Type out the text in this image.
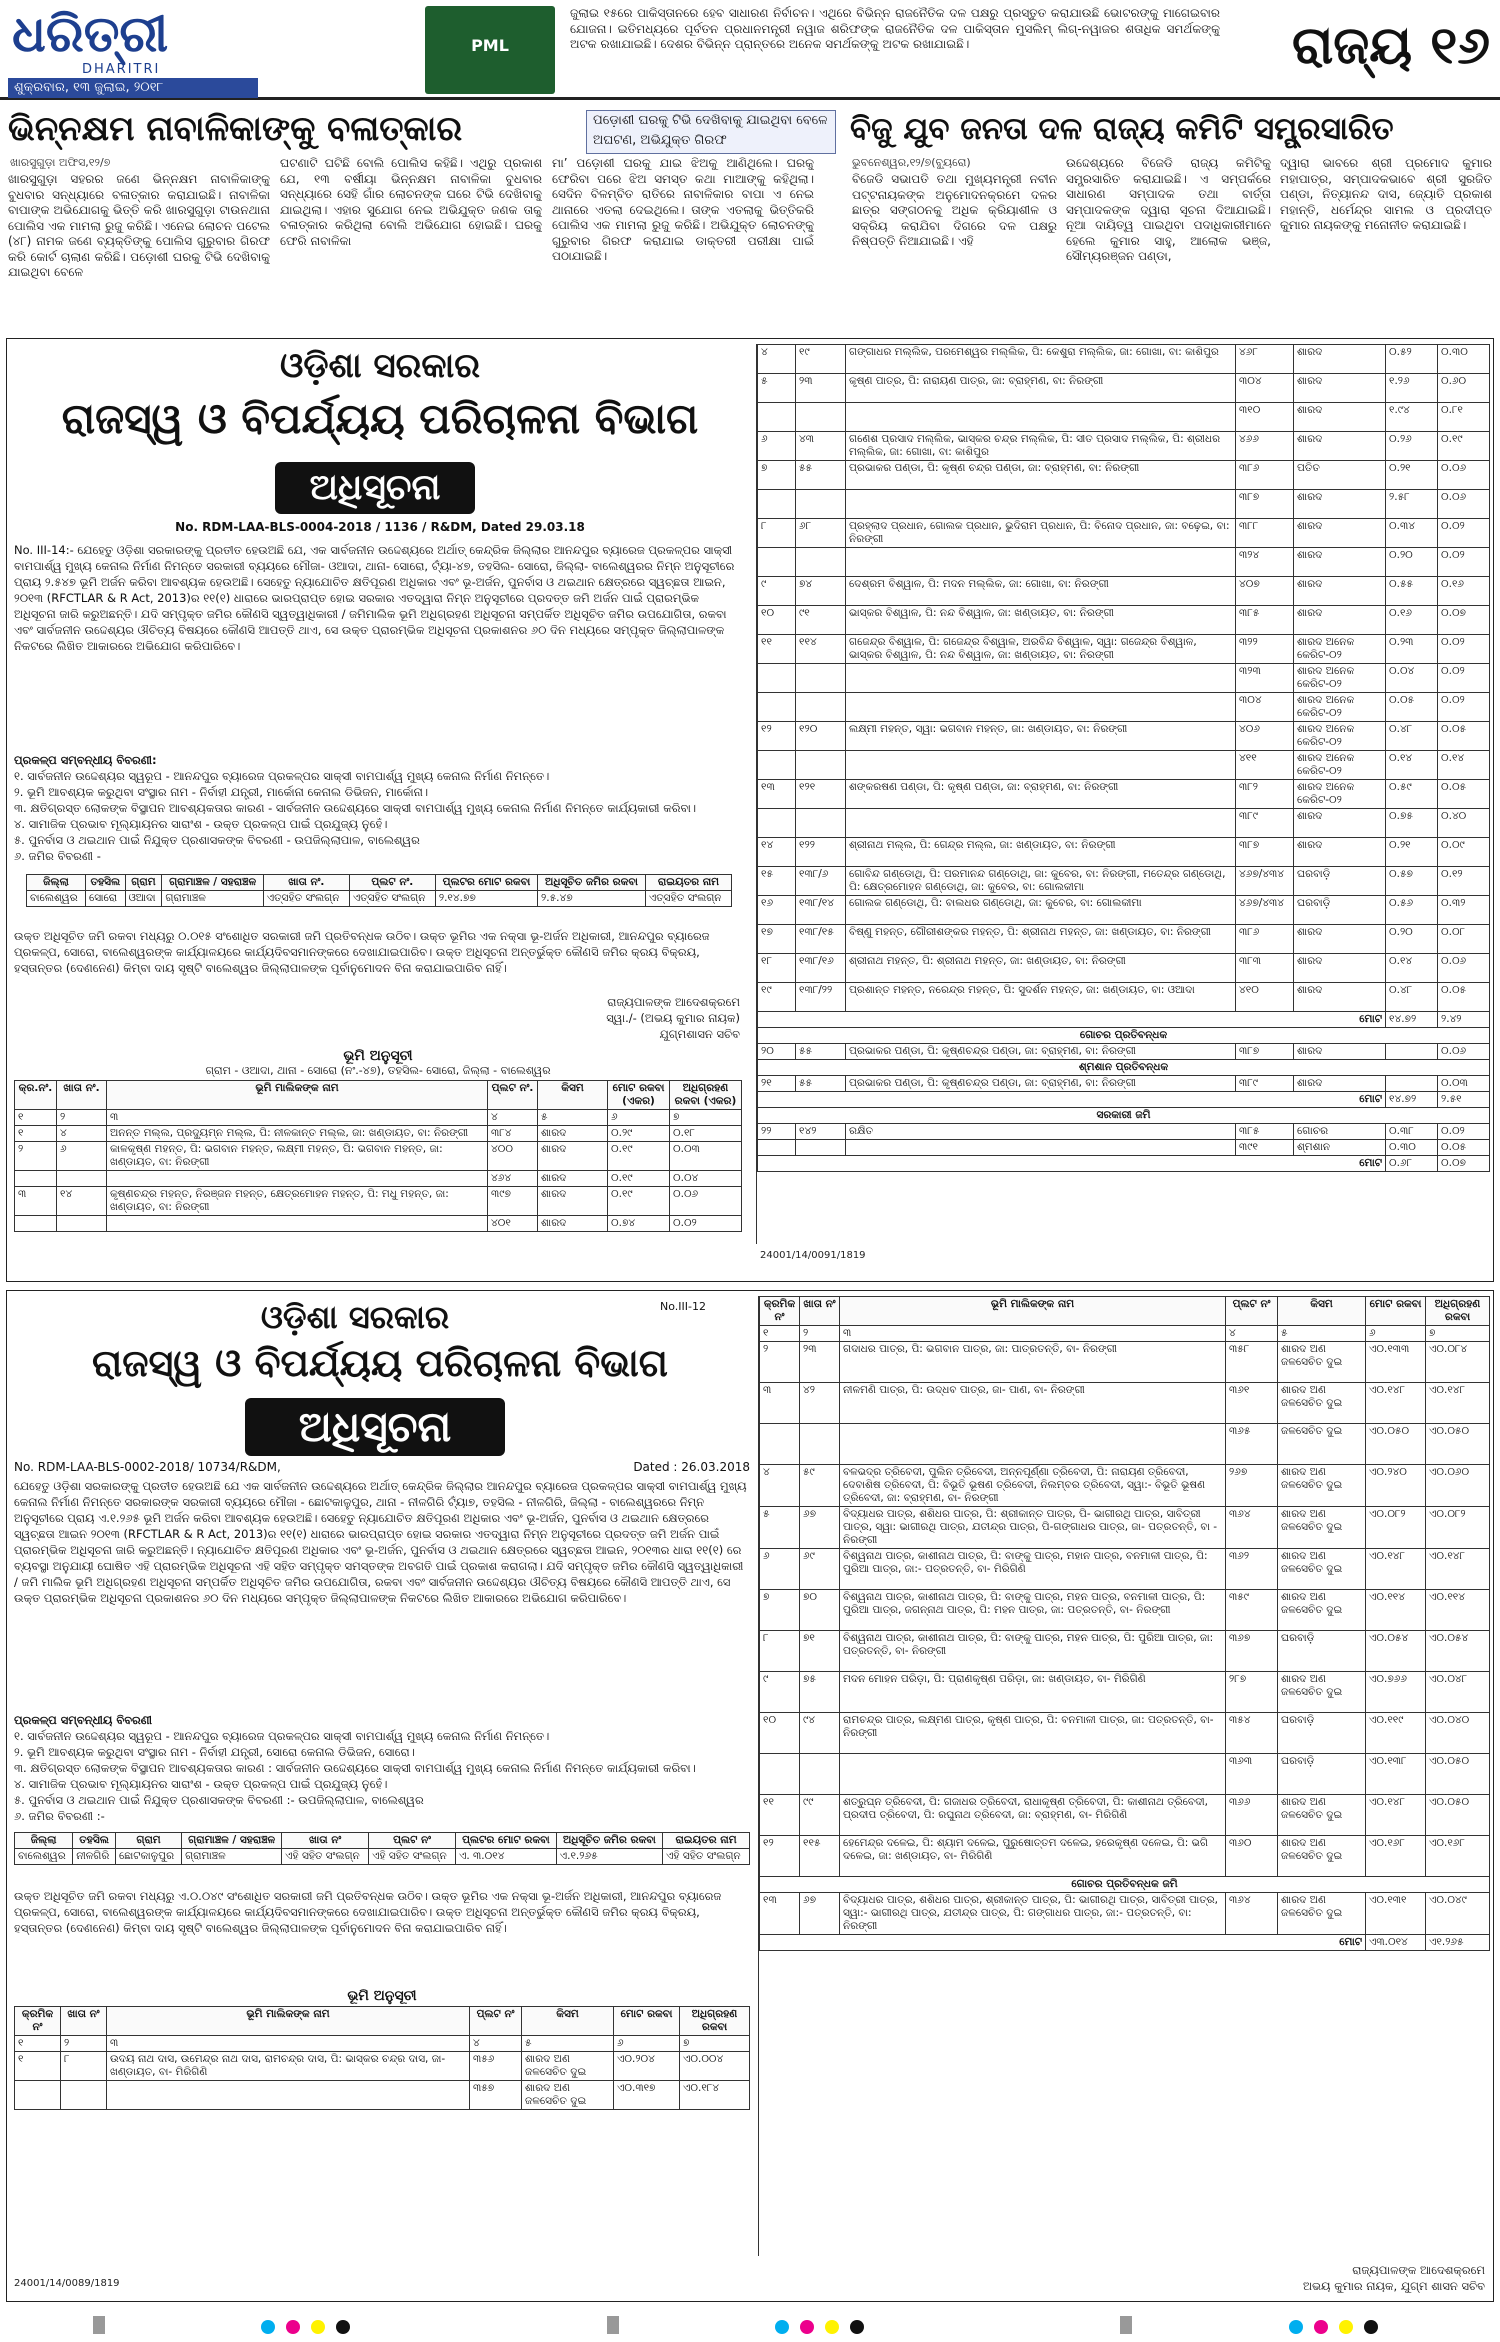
ଧରିତ୍ରୀ
DHARITRI
ଶୁକ୍ରବାର, ୧୩ ଜୁଲାଇ, ୨୦୧୮
PML
ଜୁଲାଇ ୧୫ରେ ପାକିସ୍ତାନରେ ହେବ ସାଧାରଣ ନିର୍ବାଚନ। ଏଥିରେ ବିଭିନ୍ନ ରାଜନୈତିକ ଦଳ ପକ୍ଷରୁ ପ୍ରସ୍ତୁତ କରାଯାଉଛି ଭୋଟରଙ୍କୁ ମାଗେଇବାର ଯୋଜନା। ଇତିମଧ୍ୟରେ ପୂର୍ବତନ ପ୍ରଧାନମନ୍ତ୍ରୀ ନୱାଜ ଶରିଫଙ୍କ ରାଜନୈତିକ ଦଳ ପାକିସ୍ତାନ ମୁସଲିମ୍ ଲିଗ୍-ନୱାଜର ଶତାଧିକ ସମର୍ଥକଙ୍କୁ ଅଟକ ରଖାଯାଇଛି। ଦେଶର ବିଭିନ୍ନ ପ୍ରାନ୍ତରେ ଅନେକ ସମର୍ଥକଙ୍କୁ ଅଟକ ରଖାଯାଇଛି।	ରାଜ୍ୟ ୧୬
ଭିନ୍ନକ୍ଷମ ନାବାଳିକାଙ୍କୁ ବଳାତ୍କାର	ପଡ଼ୋଶୀ ଘରକୁ ଟିଭି ଦେଖିବାକୁ ଯାଇଥିବା ବେଳେ ଅଘଟଣ, ଅଭିଯୁକ୍ତ ଗିରଫ	ବିଜୁ ଯୁବ ଜନତା ଦଳ ରାଜ୍ୟ କମିଟି ସମ୍ପ୍ରସାରିତ
ଖାରସୁଗୁଡ଼ା ଅଫିସ,୧୨/୭
ଖାରସୁଗୁଡ଼ା ସହରର ଜଣେ ଭିନ୍ନକ୍ଷମ ନାବାଳିକାଙ୍କୁ ବୁଧବାର ସନ୍ଧ୍ୟାରେ ବଳାତ୍କାର କରାଯାଇଛି। ନାବାଳିକା ବାପାଙ୍କ ଅଭିଯୋଗକୁ ଭିତ୍ତି କରି ଖାରସୁଗୁଡ଼ା ଟାଉନଥାନା ପୋଲିସ ଏକ ମାମଲା ରୁଜୁ କରିଛି। ଏନେଇ ଲୋଚନ ପଟେଲ (୪୮) ନାମକ ଜଣେ ବ୍ୟକ୍ତିଙ୍କୁ ପୋଲିସ ଗୁରୁବାର ଗିରଫ କରି କୋର୍ଟ ଚାଲାଣ କରିଛି। ପଡ଼ୋଶୀ ଘରକୁ ଟିଭି ଦେଖିବାକୁ ଯାଇଥିବା ବେଳେ
ଘଟଣାଟି ଘଟିଛି ବୋଲି ପୋଲିସ କହିଛି। ଏଥିରୁ ପ୍ରକାଶ ଯେ, ୧୩ ବର୍ଷୀୟା ଭିନ୍ନକ୍ଷମ ନାବାଳିକା ବୁଧବାର ସନ୍ଧ୍ୟାରେ ସେହି ଗାଁର ଲୋଚନଙ୍କ ଘରେ ଟିଭି ଦେଖିବାକୁ ଯାଇଥିଲା। ଏହାର ସୁଯୋଗ ନେଇ ଅଭିଯୁକ୍ତ ଜଣକ ତାକୁ ବଳାତ୍କାର କରିଥିଲା ବୋଲି ଅଭିଯୋଗ ହୋଇଛି। ଘରକୁ ଫେରି ନାବାଳିକା
ମା’ ପଡ଼ୋଶୀ ଘରକୁ ଯାଇ ଝିଅକୁ ଆଣିଥିଲେ। ଘରକୁ ଫେରିବା ପରେ ଝିଅ ସମସ୍ତ କଥା ମାଆଙ୍କୁ କହିଥିଲା। ସେଦିନ ବିଳମ୍ବିତ ରାତିରେ ନାବାଳିକାର ବାପା ଏ ନେଇ ଥାନାରେ ଏତଲା ଦେଇଥିଲେ। ତାଙ୍କ ଏତଲାକୁ ଭିତ୍ତିକରି ପୋଲିସ ଏକ ମାମଲା ରୁଜୁ କରିଛି। ଅଭିଯୁକ୍ତ ଲୋଚନଙ୍କୁ ଗୁରୁବାର ଗିରଫ କରାଯାଇ ଡାକ୍ତରୀ ପରୀକ୍ଷା ପାଇଁ ପଠାଯାଇଛି।
ଭୁବନେଶ୍ୱର,୧୨/୭(ବ୍ୟୁରୋ)
ବିଜେଡି ସଭାପତି ତଥା ମୁଖ୍ୟମନ୍ତ୍ରୀ ନବୀନ ପଟ୍ଟନାୟକଙ୍କ ଅନୁମୋଦନକ୍ରମେ ଦଳର ଛାତ୍ର ସଙ୍ଗଠନକୁ ଅଧିକ କ୍ରିୟାଶୀଳ ଓ ସକ୍ରିୟ କରାଯିବା ଦିଗରେ ଦଳ ପକ୍ଷରୁ ନିଷ୍ପତ୍ତି ନିଆଯାଇଛି। ଏହି
ଉଦ୍ଦେଶ୍ୟରେ ବିଜେଡି ରାଜ୍ୟ କମିଟିକୁ ସମ୍ପ୍ରସାରିତ କରାଯାଇଛି। ଏ ସମ୍ପର୍କରେ ସାଧାରଣ ସମ୍ପାଦକ ତଥା ବାର୍ତ୍ତା ସମ୍ପାଦକଙ୍କ ଦ୍ୱାରା ସୂଚନା ଦିଆଯାଇଛି। ନୂଆ ଦାୟିତ୍ୱ ପାଇଥିବା ପଦାଧିକାରୀମାନେ ହେଲେ କୁମାର ସାହୁ, ଆଲୋକ ଭଞ୍ଜ, ସୌମ୍ୟରଞ୍ଜନ ପଣ୍ଡା,
ଦ୍ୱାରା ଭାବରେ ଶ୍ରୀ ପ୍ରମୋଦ କୁମାର ମହାପାତ୍ର, ସମ୍ପାଦକଭାବେ ଶ୍ରୀ ସୁରଜିତ ପଣ୍ଡା, ନିତ୍ୟାନନ୍ଦ ଦାସ, ଜ୍ୟୋତି ପ୍ରକାଶ ମହାନ୍ତି, ଧର୍ମେନ୍ଦ୍ର ସାମଲ ଓ ପ୍ରଦୀପ୍ତ କୁମାର ନାୟକଙ୍କୁ ମନୋନୀତ କରାଯାଇଛି।
ଓଡ଼ିଶା ସରକାର
ରାଜସ୍ୱ ଓ ବିପର୍ଯ୍ୟୟ ପରିଚାଳନା ବିଭାଗ
ଅଧିସୂଚନା
No. RDM-LAA-BLS-0004-2018 / 1136 / R&DM, Dated 29.03.18
No. III-14:- ଯେହେତୁ ଓଡ଼ିଶା ସରକାରଙ୍କୁ ପ୍ରତୀତ ହେଉଅଛି ଯେ, ଏକ ସାର୍ବଜନୀନ ଉଦ୍ଦେଶ୍ୟରେ ଅର୍ଥାତ୍ କେନ୍ଦ୍ରିକ ଜିଲ୍ଲାର ଆନନ୍ଦପୁର ବ୍ୟାରେଜ ପ୍ରକଳ୍ପର ସାକ୍ସୀ ବାମପାର୍ଶ୍ୱ ମୁଖ୍ୟ କେନାଲ ନିର୍ମାଣ ନିମନ୍ତେ ସରକାରୀ ବ୍ୟୟରେ ମୌଜା- ଓଆଦା, ଥାନା- ସୋରୋ, ଟ୍ୟାଁ-୪୭, ତହସିଲ- ସୋରୋ, ଜିଲ୍ଲା- ବାଲେଶ୍ୱରର ନିମ୍ନ ଅନୁସୂଚୀରେ ପ୍ରାୟ ୨.୫୪୭ ଭୂମି ଅର୍ଜନ କରିବା ଆବଶ୍ୟକ ହେଉଅଛି। ସେହେତୁ ନ୍ୟାଯୋଚିତ କ୍ଷତିପୂରଣ ଅଧିକାର ଏବଂ ଭୂ-ଅର୍ଜନ, ପୁନର୍ବାସ ଓ ଥଇଥାନ କ୍ଷେତ୍ରରେ ସ୍ୱଚ୍ଛତା ଆଇନ, ୨୦୧୩ (RFCTLAR & R Act, 2013)ର ୧୧(୧) ଧାରାରେ ଭାରପ୍ରାପ୍ତ ହୋଇ ସରକାର ଏତଦ୍ୱାରା ନିମ୍ନ ଅନୁସୂଚୀରେ ପ୍ରଦତ୍ତ ଜମି ଅର୍ଜନ ପାଇଁ ପ୍ରାରମ୍ଭିକ ଅଧିସୂଚନା ଜାରି କରୁଅଛନ୍ତି। ଯଦି ସମ୍ପୃକ୍ତ ଜମିର କୌଣସି ସ୍ୱତ୍ୱାଧିକାରୀ / ଜମିମାଲିକ ଭୂମି ଅଧିଗ୍ରହଣ ଅଧିସୂଚନା ସମ୍ପର୍କିତ ଅଧିସୂଚିତ ଜମିର ଉପଯୋଗିତା, ରକବା ଏବଂ ସାର୍ବଜନୀନ ଉଦ୍ଦେଶ୍ୟର ଔଚିତ୍ୟ ବିଷୟରେ କୌଣସି ଆପତ୍ତି ଥାଏ, ସେ ଉକ୍ତ ପ୍ରାରମ୍ଭିକ ଅଧିସୂଚନା ପ୍ରକାଶନର ୬୦ ଦିନ ମଧ୍ୟରେ ସମ୍ପୃକ୍ତ ଜିଲ୍ଲାପାଳଙ୍କ ନିକଟରେ ଲିଖିତ ଆକାରରେ ଅଭିଯୋଗ କରିପାରିବେ।
ପ୍ରକଳ୍ପ ସମ୍ବନ୍ଧୀୟ ବିବରଣୀ:
୧. ସାର୍ବଜନୀନ ଉଦ୍ଦେଶ୍ୟର ସ୍ୱରୂପ - ଆନନ୍ଦପୁର ବ୍ୟାରେଜ ପ୍ରକଳ୍ପର ସାକ୍ସୀ ବାମପାର୍ଶ୍ୱ ମୁଖ୍ୟ କେନାଲ ନିର୍ମାଣ ନିମନ୍ତେ।
୨. ଭୂମି ଆବଶ୍ୟକ କରୁଥିବା ସଂସ୍ଥାର ନାମ - ନିର୍ବାହୀ ଯନ୍ତ୍ରୀ, ମାର୍କୋନା କେନାଲ ଡିଭିଜନ, ମାର୍କୋନା।
୩. କ୍ଷତିଗ୍ରସ୍ତ ଲୋକଙ୍କ ବିସ୍ଥାପନ ଆବଶ୍ୟକତାର କାରଣ - ସାର୍ବଜନୀନ ଉଦ୍ଦେଶ୍ୟରେ ସାକ୍ସୀ ବାମପାର୍ଶ୍ୱ ମୁଖ୍ୟ କେନାଲ ନିର୍ମାଣ ନିମନ୍ତେ କାର୍ଯ୍ୟକାରୀ କରିବା।
୪. ସାମାଜିକ ପ୍ରଭାବ ମୂଲ୍ୟାୟନର ସାରାଂଶ - ଉକ୍ତ ପ୍ରକଳ୍ପ ପାଇଁ ପ୍ରଯୁଜ୍ୟ ନୁହେଁ।
୫. ପୁନର୍ବାସ ଓ ଥଇଥାନ ପାଇଁ ନିଯୁକ୍ତ ପ୍ରଶାସକଙ୍କ ବିବରଣୀ - ଉପଜିଲ୍ଲାପାଳ, ବାଲେଶ୍ୱର
୬. ଜମିର ବିବରଣୀ -
ଜିଲ୍ଲା	ତହସିଲ	ଗ୍ରାମ	ଗ୍ରାମାଞ୍ଚଳ / ସହରାଞ୍ଚଳ	ଖାତା ନଂ.	ପ୍ଲଟ ନଂ.	ପ୍ଲଟର ମୋଟ ରକବା	ଅଧିସୂଚିତ ଜମିର ରକବା	ରାଇୟତର ନାମ
ବାଲେଶ୍ୱର	ସୋରୋ	ଓଆଦା	ଗ୍ରାମାଞ୍ଚଳ	ଏତ୍ସହିତ ସଂଲଗ୍ନ	ଏତ୍ସହିତ ସଂଲଗ୍ନ	୨.୧୪.୭୭	୨.୫.୪୭	ଏତ୍ସହିତ ସଂଲଗ୍ନ
ଉକ୍ତ ଅଧିସୂଚିତ ଜମି ରକବା ମଧ୍ୟରୁ ୦.୦୧୫ ସଂଶୋଧିତ ସରକାରୀ ଜମି ପ୍ରତିବନ୍ଧକ ଉଠିବ। ଉକ୍ତ ଭୂମିର ଏକ ନକ୍ସା ଭୂ-ଅର୍ଜନ ଅଧିକାରୀ, ଆନନ୍ଦପୁର ବ୍ୟାରେଜ ପ୍ରକଳ୍ପ, ସୋରୋ, ବାଲେଶ୍ୱରଙ୍କ କାର୍ଯ୍ୟାଳୟରେ କାର୍ଯ୍ୟଦିବସମାନଙ୍କରେ ଦେଖାଯାଇପାରିବ। ଉକ୍ତ ଅଧିସୂଚନା ଅନ୍ତର୍ଭୁକ୍ତ କୌଣସି ଜମିର କ୍ରୟ ବିକ୍ରୟ, ହସ୍ତାନ୍ତର (ଦେଣନେଣ) କିମ୍ବା ଦାୟ ସୃଷ୍ଟି ବାଲେଶ୍ୱର ଜିଲ୍ଲାପାଳଙ୍କ ପୂର୍ବାନୁମୋଦନ ବିନା କରାଯାଇପାରିବ ନାହିଁ।
ରାଜ୍ୟପାଳଙ୍କ ଆଦେଶକ୍ରମେ
ସ୍ୱା./- (ଅଭୟ କୁମାର ନାୟକ)
ଯୁଗ୍ମଶାସନ ସଚିବ
ଭୂମି ଅନୁସୂଚୀ
ଗ୍ରାମ - ଓଆଦା, ଥାନା - ସୋରୋ (ନଂ.-୪୭), ତହସିଲ- ସୋରୋ, ଜିଲ୍ଲା - ବାଲେଶ୍ୱର
କ୍ର.ନଂ.	ଖାତା ନଂ.	ଭୂମି ମାଲିକଙ୍କ ନାମ	ପ୍ଲଟ ନଂ.	କିସମ	ମୋଟ ରକବା (ଏକର)	ଅଧିଗ୍ରହଣ ରକବା (ଏକର)
୧	୨	୩	୪	୫	୬	୭
୧	୪	ଅନନ୍ତ ମଲ୍ଲ, ପ୍ରଦ୍ୟୁମ୍ନ ମଲ୍ଲ, ପି: ନୀଳକାନ୍ତ ମଲ୍ଲ, ଜା: ଖଣ୍ଡାୟତ, ବା: ନିରଙ୍ଗୀ	୩୮୪	ଶାରଦ	୦.୨୯	୦.୧୮
୨	୬	କାଳକୃଷ୍ଣ ମହନ୍ତ, ପି: ଭଗବାନ ମହନ୍ତ, ଲକ୍ଷ୍ମୀ ମହନ୍ତ, ପି: ଭଗବାନ ମହନ୍ତ, ଜା: ଖଣ୍ଡାୟତ, ବା: ନିରଙ୍ଗୀ	୪୦୦	ଶାରଦ	୦.୧୯	୦.୦୩
			୪୬୪	ଶାରଦ	୦.୧୯	୦.୦୪
୩	୧୪	କୃଷ୍ଣଚନ୍ଦ୍ର ମହନ୍ତ, ନିରଞ୍ଜନ ମହନ୍ତ, କ୍ଷେତ୍ରମୋହନ ମହନ୍ତ, ପି: ମଧୁ ମହନ୍ତ, ଜା: ଖଣ୍ଡାୟତ, ବା: ନିରଙ୍ଗୀ	୩୯୭	ଶାରଦ	୦.୧୯	୦.୦୬
			୪୦୧	ଶାରଦ	୦.୭୪	୦.୦୨
୪	୧୯	ଗଙ୍ଗାଧର ମଲ୍ଲିକ, ପରମେଶ୍ୱର ମଲ୍ଲିକ, ପି: କେଶୁରା ମଲ୍ଲିକ, ଜା: ଗୋଖା, ବା: କାଶିପୁର	୪୬୮	ଶାରଦ	୦.୫୨	୦.୩୦
୫	୨୩	କୃଷ୍ଣ ପାତ୍ର, ପି: ନାରାୟଣ ପାତ୍ର, ଜା: ବ୍ରାହ୍ମଣ, ବା: ନିରଙ୍ଗୀ	୩୦୪	ଶାରଦ	୧.୨୬	୦.୬୦
			୩୧୦	ଶାରଦ	୧.୯୪	୦.୮୧
୬	୪୩	ଗଣେଶ ପ୍ରସାଦ ମଲ୍ଲିକ, ଭାସ୍କର ଚନ୍ଦ୍ର ମଲ୍ଲିକ, ପି: ସୀତ ପ୍ରସାଦ ମଲ୍ଲିକ, ପି: ଶ୍ରୀଧର ମଲ୍ଲିକ, ଜା: ଗୋଖା, ବା: କାଶିପୁର	୪୬୬	ଶାରଦ	୦.୨୬	୦.୧୯
୭	୫୫	ପ୍ରଭାକର ପଣ୍ଡା, ପି: କୃଷ୍ଣ ଚନ୍ଦ୍ର ପଣ୍ଡା, ଜା: ବ୍ରାହ୍ମଣ, ବା: ନିରଙ୍ଗୀ	୩୮୬	ପତିତ	୦.୨୧	୦.୦୬
			୩୮୭	ଶାରଦ	୨.୫୮	୦.୦୬
୮	୬୮	ପ୍ରହ୍ଲାଦ ପ୍ରଧାନ, ଗୋଲକ ପ୍ରଧାନ, ଭୁଦିରାମ ପ୍ରଧାନ, ପି: ବିନୋଦ ପ୍ରଧାନ, ଜା: ବଢ଼େଇ, ବା: ନିରଙ୍ଗୀ	୩୮୮	ଶାରଦ	୦.୩୪	୦.୦୨
			୩୨୪	ଶାରଦ	୦.୨୦	୦.୦୨
୯	୭୪	ଦେଶ୍ରମ ବିଶ୍ୱାଳ, ପି: ମଦନ ମଲ୍ଲିକ, ଜା: ଗୋଖା, ବା: ନିରଙ୍ଗୀ	୪୦୭	ଶାରଦ	୦.୫୫	୦.୧୬
୧୦	୯୧	ଭାସ୍କର ବିଶ୍ୱାଳ, ପି: ନନ୍ଦ ବିଶ୍ୱାଳ, ଜା: ଖଣ୍ଡାୟତ, ବା: ନିରଙ୍ଗୀ	୩୮୫	ଶାରଦ	୦.୧୬	୦.୦୭
୧୧	୧୧୪	ଗଜେନ୍ଦ୍ର ବିଶ୍ୱାଳ, ପି: ଗଜେନ୍ଦ୍ର ବିଶ୍ୱାଳ, ଅରବିନ୍ଦ ବିଶ୍ୱାଳ, ସ୍ୱା: ଗଜେନ୍ଦ୍ର ବିଶ୍ୱାଳ, ଭାସ୍କର ବିଶ୍ୱାଳ, ପି: ନନ୍ଦ ବିଶ୍ୱାଳ, ଜା: ଖଣ୍ଡାୟତ, ବା: ନିରଙ୍ଗୀ	୩୨୨	ଶାରଦ ଅନେକ କେରିଟ-୦୨	୦.୨୩	୦.୦୨
			୩୨୩	ଶାରଦ ଅନେକ କେରିଟ-୦୨	୦.୦୪	୦.୦୨
			୩୦୪	ଶାରଦ ଅନେକ କେରିଟ-୦୨	୦.୦୫	୦.୦୨
୧୨	୧୨୦	ଲକ୍ଷ୍ମୀ ମହନ୍ତ, ସ୍ୱା: ଭଗବାନ ମହନ୍ତ, ଜା: ଖଣ୍ଡାୟତ, ବା: ନିରଙ୍ଗୀ	୪୦୬	ଶାରଦ ଅନେକ କେରିଟ-୦୨	୦.୪୮	୦.୦୫
			୪୧୧	ଶାରଦ ଅନେକ କେରିଟ-୦୨	୦.୧୪	୦.୧୪
୧୩	୧୨୧	ଶଙ୍କରଷଣ ପଣ୍ଡା, ପି: କୃଷ୍ଣ ପଣ୍ଡା, ଜା: ବ୍ରାହ୍ମଣ, ବା: ନିରଙ୍ଗୀ	୩୮୨	ଶାରଦ ଅନେକ କେରିଟ-୦୨	୦.୫୯	୦.୦୫
			୩୮୯	ଶାରଦ	୦.୭୫	୦.୪୦
୧୪	୧୨୨	ଶ୍ରୀନାଥ ମଲ୍ଲ, ପି: ଗେନ୍ଦ୍ର ମଲ୍ଲ, ଜା: ଖଣ୍ଡାୟତ, ବା: ନିରଙ୍ଗୀ	୩୮୭	ଶାରଦ	୦.୨୧	୦.୦୯
୧୫	୧୩୮/୬	ଗୋବିନ୍ଦ ଗଣ୍ଡୋଥି, ପି: ପରମାନନ୍ଦ ଗଣ୍ଡୋଥି, ଜା: କୁବେର, ବା: ନିରଙ୍ଗୀ, ମତେନ୍ଦ୍ର ଗଣ୍ଡୋଥି, ପି: କ୍ଷେତ୍ରମୋହନ ଗଣ୍ଡୋଥି, ଜା: କୁବେର, ବା: ଗୋଲକୀମା	୪୬୭/୪୩୪	ଘରବାଡ଼ି	୦.୫୭	୦.୧୨
୧୬	୧୩୮/୧୪	ଗୋଲକ ଗଣ୍ଡୋଥି, ପି: ବାଲଧର ଗଣ୍ଡୋଥି, ଜା: କୁବେର, ବା: ଗୋଲକୀମା	୪୬୭/୪୩୪	ଘରବାଡ଼ି	୦.୫୬	୦.୩୨
୧୭	୧୩୮/୧୫	ବିଷ୍ଣୁ ମହନ୍ତ, ଗୌରୀଶଙ୍କର ମହନ୍ତ, ପି: ଶ୍ରୀନାଥ ମହନ୍ତ, ଜା: ଖଣ୍ଡାୟତ, ବା: ନିରଙ୍ଗୀ	୩୮୬	ଶାରଦ	୦.୨୦	୦.୦୮
୧୮	୧୩୮/୧୬	ଶ୍ରୀନାଥ ମହନ୍ତ, ପି: ଶ୍ରୀନାଥ ମହନ୍ତ, ଜା: ଖଣ୍ଡାୟତ, ବା: ନିରଙ୍ଗୀ	୩୮୩	ଶାରଦ	୦.୧୪	୦.୦୬
୧୯	୧୩୮/୨୨	ପ୍ରଶାନ୍ତ ମହନ୍ତ, ନରେନ୍ଦ୍ର ମହନ୍ତ, ପି: ସୁଦର୍ଶନ ମହନ୍ତ, ଜା: ଖଣ୍ଡାୟତ, ବା: ଓଆଦା	୪୧୦	ଶାରଦ	୦.୪୮	୦.୦୫
ମୋଟ					୧୪.୭୨	୨.୪୨
ଗୋଚର ପ୍ରତିବନ୍ଧକ						
୨୦	୫୫	ପ୍ରଭାକର ପଣ୍ଡା, ପି: କୃଷ୍ଣଚନ୍ଦ୍ର ପଣ୍ଡା, ଜା: ବ୍ରାହ୍ମଣ, ବା: ନିରଙ୍ଗୀ	୩୮୭	ଶାରଦ		୦.୦୬
ଶ୍ମଶାନ ପ୍ରତିବନ୍ଧକ						
୨୧	୫୫	ପ୍ରଭାକର ପଣ୍ଡା, ପି: କୃଷ୍ଣଚନ୍ଦ୍ର ପଣ୍ଡା, ଜା: ବ୍ରାହ୍ମଣ, ବା: ନିରଙ୍ଗୀ	୩୮୯	ଶାରଦ		୦.୦୩
ମୋଟ					୧୪.୭୨	୨.୫୧
ସରକାରୀ ଜମି						
୨୨	୧୪୨	ରକ୍ଷିତ	୩୮୫	ଗୋଚର	୦.୩୮	୦.୦୨
			୩୯୧	ଶ୍ମଶାନ	୦.୩୦	୦.୦୫
ମୋଟ					୦.୬୮	୦.୦୭
24001/14/0091/1819
ଓଡ଼ିଶା ସରକାର	No.III-12
ରାଜସ୍ୱ ଓ ବିପର୍ଯ୍ୟୟ ପରିଚାଳନା ବିଭାଗ
ଅଧିସୂଚନା
No. RDM-LAA-BLS-0002-2018/ 10734/R&DM,	Dated : 26.03.2018
ଯେହେତୁ ଓଡ଼ିଶା ସରକାରଙ୍କୁ ପ୍ରତୀତ ହେଉଅଛି ଯେ ଏକ ସାର୍ବଜନୀନ ଉଦ୍ଦେଶ୍ୟରେ ଅର୍ଥାତ୍ କେନ୍ଦ୍ରିକ ଜିଲ୍ଲାର ଆନନ୍ଦପୁର ବ୍ୟାରେଜ ପ୍ରକଳ୍ପର ସାକ୍ସୀ ବାମପାର୍ଶ୍ୱ ମୁଖ୍ୟ କେନାଲ ନିର୍ମାଣ ନିମନ୍ତେ ସରକାରଙ୍କ ସରକାରୀ ବ୍ୟୟରେ ମୌଜା - ଛୋଟକାଳୁପୁର, ଥାନା - ନୀଳଗିରି ଟ୍ୟାଁ୭, ତହସିଲ - ନୀଳଗିରି, ଜିଲ୍ଲା - ବାଲେଶ୍ୱରରେ ନିମ୍ନ ଅନୁସୂଚୀରେ ପ୍ରାୟ ଏ.୧.୨୬୫ ଭୂମି ଅର୍ଜନ କରିବା ଆବଶ୍ୟକ ହେଉଅଛି। ସେହେତୁ ନ୍ୟାଯୋଚିତ କ୍ଷତିପୂରଣ ଅଧିକାର ଏବଂ ଭୂ-ଅର୍ଜନ, ପୁନର୍ବାସ ଓ ଥଇଥାନ କ୍ଷେତ୍ରରେ ସ୍ୱଚ୍ଛତା ଆଇନ ୨୦୧୩ (RFCTLAR & R Act, 2013)ର ୧୧(୧) ଧାରାରେ ଭାରପ୍ରାପ୍ତ ହୋଇ ସରକାର ଏତଦ୍ୱାରା ନିମ୍ନ ଅନୁସୂଚୀରେ ପ୍ରଦତ୍ତ ଜମି ଅର୍ଜନ ପାଇଁ ପ୍ରାରମ୍ଭିକ ଅଧିସୂଚନା ଜାରି କରୁଅଛନ୍ତି। ନ୍ୟାଯୋଚିତ କ୍ଷତିପୂରଣ ଅଧିକାର ଏବଂ ଭୂ-ଅର୍ଜନ, ପୁନର୍ବାସ ଓ ଥଇଥାନ କ୍ଷେତ୍ରରେ ସ୍ୱଚ୍ଛତା ଆଇନ, ୨୦୧୩ର ଧାରା ୧୧(୧) ରେ ବ୍ୟବସ୍ଥା ଅନୁଯାୟୀ ଘୋଷିତ ଏହି ପ୍ରାରମ୍ଭିକ ଅଧିସୂଚନା ଏହି ସହିତ ସମ୍ପୃକ୍ତ ସମସ୍ତଙ୍କ ଅବଗତି ପାଇଁ ପ୍ରକାଶ କରାଗଲା। ଯଦି ସମ୍ପୃକ୍ତ ଜମିର କୌଣସି ସ୍ୱତ୍ୱାଧିକାରୀ / ଜମି ମାଲିକ ଭୂମି ଅଧିଗ୍ରହଣ ଅଧିସୂଚନା ସମ୍ପର୍କିତ ଅଧିସୂଚିତ ଜମିର ଉପଯୋଗିତା, ରକବା ଏବଂ ସାର୍ବଜନୀନ ଉଦ୍ଦେଶ୍ୟର ଔଚିତ୍ୟ ବିଷୟରେ କୌଣସି ଆପତ୍ତି ଥାଏ, ସେ ଉକ୍ତ ପ୍ରାରମ୍ଭିକ ଅଧିସୂଚନା ପ୍ରକାଶନର ୬୦ ଦିନ ମଧ୍ୟରେ ସମ୍ପୃକ୍ତ ଜିଲ୍ଲାପାଳଙ୍କ ନିକଟରେ ଲିଖିତ ଆକାରରେ ଅଭିଯୋଗ କରିପାରିବେ।
ପ୍ରକଳ୍ପ ସମ୍ବନ୍ଧୀୟ ବିବରଣୀ
୧. ସାର୍ବଜନୀନ ଉଦ୍ଦେଶ୍ୟର ସ୍ୱରୂପ - ଆନନ୍ଦପୁର ବ୍ୟାରେଜ ପ୍ରକଳ୍ପର ସାକ୍ସୀ ବାମପାର୍ଶ୍ୱ ମୁଖ୍ୟ କେନାଲ ନିର୍ମାଣ ନିମନ୍ତେ।
୨. ଭୂମି ଆବଶ୍ୟକ କରୁଥିବା ସଂସ୍ଥାର ନାମ - ନିର୍ବାହୀ ଯନ୍ତ୍ରୀ, ସୋରୋ କେନାଲ ଡିଭିଜନ, ସୋରୋ।
୩. କ୍ଷତିଗ୍ରସ୍ତ ଲୋକଙ୍କ ବିସ୍ଥାପନ ଆବଶ୍ୟକତାର କାରଣ : ସାର୍ବଜନୀନ ଉଦ୍ଦେଶ୍ୟରେ ସାକ୍ସୀ ବାମପାର୍ଶ୍ୱ ମୁଖ୍ୟ କେନାଲ ନିର୍ମାଣ ନିମନ୍ତେ କାର୍ଯ୍ୟକାରୀ କରିବା।
୪. ସାମାଜିକ ପ୍ରଭାବ ମୂଲ୍ୟାୟନର ସାରାଂଶ - ଉକ୍ତ ପ୍ରକଳ୍ପ ପାଇଁ ପ୍ରଯୁଜ୍ୟ ନୁହେଁ।
୫. ପୁନର୍ବାସ ଓ ଥଇଥାନ ପାଇଁ ନିଯୁକ୍ତ ପ୍ରଶାସକଙ୍କ ବିବରଣୀ :- ଉପଜିଲ୍ଲାପାଳ, ବାଲେଶ୍ୱର
୬. ଜମିର ବିବରଣୀ :-
ଜିଲ୍ଲା	ତହସିଲ	ଗ୍ରାମ	ଗ୍ରାମାଞ୍ଚଳ / ସହରାଞ୍ଚଳ	ଖାତା ନଂ	ପ୍ଲଟ ନଂ	ପ୍ଲଟର ମୋଟ ରକବା	ଅଧିସୂଚିତ ଜମିର ରକବା	ରାଇୟତର ନାମ
ବାଲେଶ୍ୱର	ନୀଳଗିରି	ଛୋଟକାଳୁପୁର	ଗ୍ରାମାଞ୍ଚଳ	ଏହି ସହିତ ସଂଲଗ୍ନ	ଏହି ସହିତ ସଂଲଗ୍ନ	ଏ. ୩.୦୧୪	ଏ.୧.୨୬୫	ଏହି ସହିତ ସଂଲଗ୍ନ
ଉକ୍ତ ଅଧିସୂଚିତ ଜମି ରକବା ମଧ୍ୟରୁ ଏ.୦.୦୪୯ ସଂଶୋଧିତ ସରକାରୀ ଜମି ପ୍ରତିବନ୍ଧକ ଉଠିବ। ଉକ୍ତ ଭୂମିର ଏକ ନକ୍ସା ଭୂ-ଅର୍ଜନ ଅଧିକାରୀ, ଆନନ୍ଦପୁର ବ୍ୟାରେଜ ପ୍ରକଳ୍ପ, ସୋରୋ, ବାଲେଶ୍ୱରଙ୍କ କାର୍ଯ୍ୟାଳୟରେ କାର୍ଯ୍ୟଦିବସମାନଙ୍କରେ ଦେଖାଯାଇପାରିବ। ଉକ୍ତ ଅଧିସୂଚନା ଅନ୍ତର୍ଭୁକ୍ତ କୌଣସି ଜମିର କ୍ରୟ ବିକ୍ରୟ, ହସ୍ତାନ୍ତର (ଦେଣନେଣ) କିମ୍ବା ଦାୟ ସୃଷ୍ଟି ବାଲେଶ୍ୱର ଜିଲ୍ଲାପାଳଙ୍କ ପୂର୍ବାନୁମୋଦନ ବିନା କରାଯାଇପାରିବ ନାହିଁ।
ଭୂମି ଅନୁସୂଚୀ
କ୍ରମିକ ନଂ	ଖାତା ନଂ	ଭୂମି ମାଲିକଙ୍କ ନାମ	ପ୍ଲଟ ନଂ	କିସମ	ମୋଟ ରକବା	ଅଧିଗ୍ରହଣ ରକବା
୧	୨	୩	୪	୫	୬	୭
୧	୮	ଉଦୟ ନାଥ ଦାସ, ଉମେନ୍ଦ୍ର ନାଥ ଦାସ, ରାମଚନ୍ଦ୍ର ଦାସ, ପି: ଭାସ୍କର ଚନ୍ଦ୍ର ଦାସ, ଜା- ଖଣ୍ଡାୟତ, ବା- ମିରିଗିଣି	୩୫୬	ଶାରଦ ଅଣ ଜଳସେଚିତ ଦୁଇ	ଏ୦.୨୦୪	ଏ୦.୦୦୪
			୩୫୭	ଶାରଦ ଅଣ ଜଳସେଚିତ ଦୁଇ	ଏ୦.୩୧୭	ଏ୦.୧୮୪
24001/14/0089/1819
କ୍ରମିକ ନଂ	ଖାତା ନଂ	ଭୂମି ମାଲିକଙ୍କ ନାମ	ପ୍ଲଟ ନଂ	କିସମ	ମୋଟ ରକବା	ଅଧିଗ୍ରହଣ ରକବା
୧	୨	୩	୪	୫	୬	୭
୨	୨୩	ଗଦାଧର ପାତ୍ର, ପି: ଭଗବାନ ପାତ୍ର, ଜା: ପାତ୍ରତନ୍ତି, ବା- ନିରଙ୍ଗୀ	୩୫୮	ଶାରଦ ଅଣ ଜଳସେଚିତ ଦୁଇ	ଏ୦.୧୩୩	ଏ୦.୦୮୪
୩	୪୨	ନୀଳମଣି ପାତ୍ର, ପି: ଉଦ୍ଧବ ପାତ୍ର, ଜା- ପାଣ, ବା- ନିରଙ୍ଗୀ	୩୬୧	ଶାରଦ ଅଣ ଜଳସେଚିତ ଦୁଇ	ଏ୦.୧୪୮	ଏ୦.୧୪୮
			୩୬୫	ଜଳସେଚିତ ଦୁଇ	ଏ୦.୦୫୦	ଏ୦.୦୫୦
୪	୫୯	ବଳଭଦ୍ର ତ୍ରିବେଦୀ, ପୁଲିନ ତ୍ରିବେଦୀ, ଅନ୍ନପୂର୍ଣ୍ଣା ତ୍ରିବେଦୀ, ପି: ନାରାୟଣ ତ୍ରିବେଦୀ, ଦେବାଶିଷ ତ୍ରିବେଦୀ, ପି: ବିଭୂତି ଭୂଷଣ ତ୍ରିବେଦୀ, ନିଲମ୍ବର ତ୍ରିବେଦୀ, ସ୍ୱା:- ବିଭୂତି ଭୂଷଣ ତ୍ରିବେଦୀ, ଜା: ବ୍ରାହ୍ମଣ, ବା- ନିରଙ୍ଗୀ	୨୬୭	ଶାରଦ ଅଣ ଜଳସେଚିତ ଦୁଇ	ଏ୦.୨୪୦	ଏ୦.୦୬୦
୫	୬୭	ବିଦ୍ୟାଧର ପାତ୍ର, ଶଶିଧର ପାତ୍ର, ପି: ଶ୍ରୀକାନ୍ତ ପାତ୍ର, ପି- ଭାଗୀରଥି ପାତ୍ର, ସାବିତ୍ରୀ ପାତ୍ର, ସ୍ୱା: ଭାଗୀରଥି ପାତ୍ର, ଯତୀନ୍ଦ୍ର ପାତ୍ର, ପି-ଗଙ୍ଗାଧର ପାତ୍ର, ଜା- ପତ୍ରତନ୍ତି, ବା - ନିରଙ୍ଗୀ	୩୬୪	ଶାରଦ ଅଣ ଜଳସେଚିତ ଦୁଇ	ଏ୦.୦୮୨	ଏ୦.୦୮୨
୬	୬୯	ବିଶ୍ୱନାଥ ପାତ୍ର, କାଶୀନାଥ ପାତ୍ର, ପି: ବାଙ୍କୁ ପାତ୍ର, ମହାନ ପାତ୍ର, ବନମାଳୀ ପାତ୍ର, ପି: ପୁରିଆ ପାତ୍ର, ଜା:- ପତ୍ରତନ୍ତି, ବା- ମିରିଗିଣି	୩୬୨	ଶାରଦ ଅଣ ଜଳସେଚିତ ଦୁଇ	ଏ୦.୧୪୮	ଏ୦.୧୪୮
୭	୭୦	ବିଶ୍ୱନାଥ ପାତ୍ର, କାଶୀନାଥ ପାତ୍ର, ପି: ବାଙ୍କୁ ପାତ୍ର, ମହନ ପାତ୍ର, ବନମାଳୀ ପାତ୍ର, ପି: ପୁରିଆ ପାତ୍ର, ଜଗନ୍ନାଥ ପାତ୍ର, ପି: ମହନ ପାତ୍ର, ଜା: ପତ୍ରତନ୍ତି, ବା- ନିରଙ୍ଗୀ	୩୫୯	ଶାରଦ ଅଣ ଜଳସେଚିତ ଦୁଇ	ଏ୦.୧୧୪	ଏ୦.୧୧୪
୮	୭୧	ବିଶ୍ୱନାଥ ପାତ୍ର, କାଶୀନାଥ ପାତ୍ର, ପି: ବାଙ୍କୁ ପାତ୍ର, ମହନ ପାତ୍ର, ପି: ପୁରିଆ ପାତ୍ର, ଜା: ପତ୍ରତନ୍ତି, ବା- ନିରଙ୍ଗୀ	୩୬୭	ଘରବାଡ଼ି	ଏ୦.୦୫୪	ଏ୦.୦୫୪
୯	୭୫	ମଦନ ମୋହନ ପରିଡ଼ା, ପି: ପ୍ରାଣକୃଷ୍ଣ ପରିଡ଼ା, ଜା: ଖଣ୍ଡାୟତ, ବା- ମିରିଗିଣି	୨୮୭	ଶାରଦ ଅଣ ଜଳସେଚିତ ଦୁଇ	ଏ୦.୭୬୬	ଏ୦.୦୪୮
୧୦	୯୪	ରାମଚନ୍ଦ୍ର ପାତ୍ର, ଲକ୍ଷ୍ମଣ ପାତ୍ର, କୃଷ୍ଣ ପାତ୍ର, ପି: ବନମାଳୀ ପାତ୍ର, ଜା: ପତ୍ରତନ୍ତି, ବା- ନିରଙ୍ଗୀ	୩୫୪	ଘରବାଡ଼ି	ଏ୦.୧୧୯	ଏ୦.୦୪୦
			୩୬୩	ଘରବାଡ଼ି	ଏ୦.୧୩୮	ଏ୦.୦୫୦
୧୧	୯୯	ଶତ୍ରୁଘ୍ନ ତ୍ରିବେଦୀ, ପି: ଗଜାଧର ତ୍ରିବେଦୀ, ରାଧାକୃଷ୍ଣ ତ୍ରିବେଦୀ, ପି: କାଶୀନାଥ ତ୍ରିବେଦୀ, ପ୍ରଦୀପ ତ୍ରିବେଦୀ, ପି: ରଘୁନାଥ ତ୍ରିବେଦୀ, ଜା: ବ୍ରାହ୍ମଣ, ବା- ମିରିଗିଣି	୩୬୬	ଶାରଦ ଅଣ ଜଳସେଚିତ ଦୁଇ	ଏ୦.୧୪୮	ଏ୦.୦୫୦
୧୨	୧୧୫	ହେମେନ୍ଦ୍ର ଦଳେଇ, ପି: ଶ୍ୟାମ ଦଳେଇ, ପୁରୁଷୋତ୍ତମ ଦଳେଇ, ହରେକୃଷ୍ଣ ଦଳେଇ, ପି: ଭଗି ଦଳେଇ, ଜା: ଖଣ୍ଡାୟତ, ବା- ମିରିଗିଣି	୩୬୦	ଶାରଦ ଅଣ ଜଳସେଚିତ ଦୁଇ	ଏ୦.୧୬୮	ଏ୦.୧୬୮
ଗୋଚର ପ୍ରତିବନ୍ଧକ ଜମି						
୧୩	୬୭	ବିଦ୍ୟାଧର ପାତ୍ର, ଶଶିଧର ପାତ୍ର, ଶ୍ରୀକାନ୍ତ ପାତ୍ର, ପି: ଭାଗୀରଥି ପାତ୍ର, ସାବିତ୍ରୀ ପାତ୍ର, ସ୍ୱା:- ଭାଗୀରଥି ପାତ୍ର, ଯତୀନ୍ଦ୍ର ପାତ୍ର, ପି: ଗଙ୍ଗାଧର ପାତ୍ର, ଜା:- ପତ୍ରତନ୍ତି, ବା: ନିରଙ୍ଗୀ	୩୬୪	ଶାରଦ ଅଣ ଜଳସେଚିତ ଦୁଇ	ଏ୦.୧୩୧	ଏ୦.୦୪୯
ମୋଟ					ଏ୩.୦୧୪	ଏ୧.୨୬୫
ରାଜ୍ୟପାଳଙ୍କ ଆଦେଶକ୍ରମେ
ଅଭୟ କୁମାର ନାୟକ, ଯୁଗ୍ମ ଶାସନ ସଚିବ
